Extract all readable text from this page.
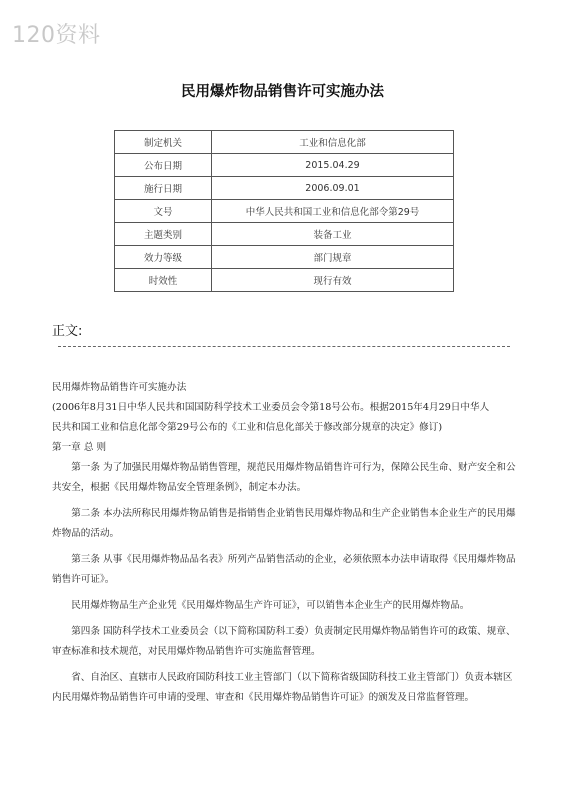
120资料
民用爆炸物品销售许可实施办法
制定机关	工业和信息化部
公布日期	2015.04.29
施行日期	2006.09.01
文号	中华人民共和国工业和信息化部令第29号
主题类别	装备工业
效力等级	部门规章
时效性	现行有效
正文:

民用爆炸物品销售许可实施办法

(2006年8月31日中华人民共和国国防科学技术工业委员会令第18号公布。根据2015年4月29日中华人

民共和国工业和信息化部令第29号公布的《工业和信息化部关于修改部分规章的决定》修订)

第一章 总 则

第一条 为了加强民用爆炸物品销售管理，规范民用爆炸物品销售许可行为，保障公民生命、财产安全和公共安全，根据《民用爆炸物品安全管理条例》，制定本办法。

第二条 本办法所称民用爆炸物品销售是指销售企业销售民用爆炸物品和生产企业销售本企业生产的民用爆炸物品的活动。

第三条 从事《民用爆炸物品品名表》所列产品销售活动的企业，必须依照本办法申请取得《民用爆炸物品销售许可证》。

民用爆炸物品生产企业凭《民用爆炸物品生产许可证》，可以销售本企业生产的民用爆炸物品。

第四条 国防科学技术工业委员会（以下简称国防科工委）负责制定民用爆炸物品销售许可的政策、规章、审查标准和技术规范，对民用爆炸物品销售许可实施监督管理。

省、自治区、直辖市人民政府国防科技工业主管部门（以下简称省级国防科技工业主管部门）负责本辖区内民用爆炸物品销售许可申请的受理、审查和《民用爆炸物品销售许可证》的颁发及日常监督管理。
